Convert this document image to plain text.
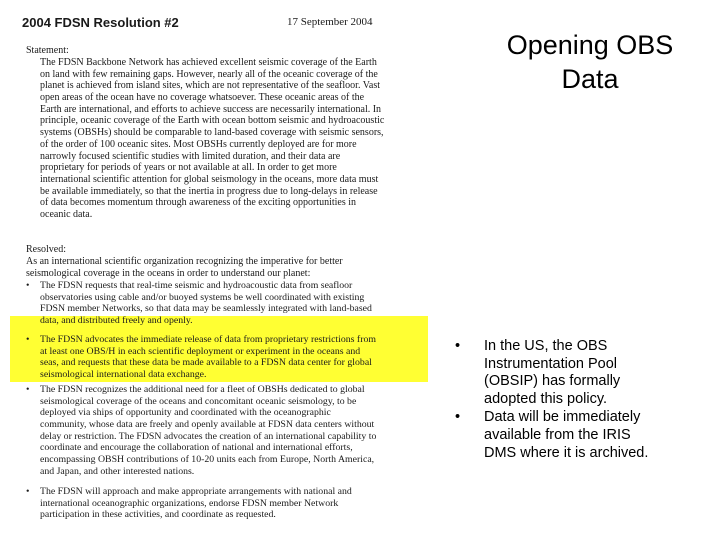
2004 FDSN Resolution #2	17 September 2004
Statement:
The FDSN Backbone Network has achieved excellent seismic coverage of the Earth
on land with few remaining gaps. However, nearly all of the oceanic coverage of the
planet is achieved from island sites, which are not representative of the seafloor. Vast
open areas of the ocean have no coverage whatsoever. These oceanic areas of the
Earth are international, and efforts to achieve success are necessarily international. In
principle, oceanic coverage of the Earth with ocean bottom seismic and hydroacoustic
systems (OBSHs) should be comparable to land-based coverage with seismic sensors,
of the order of 100 oceanic sites. Most OBSHs currently deployed are for more
narrowly focused scientific studies with limited duration, and their data are
proprietary for periods of years or not available at all. In order to get more
international scientific attention for global seismology in the oceans, more data must
be available immediately, so that the inertia in progress due to long-delays in release
of data becomes momentum through awareness of the exciting opportunities in
oceanic data.
Resolved:
As an international scientific organization recognizing the imperative for better
seismological coverage in the oceans in order to understand our planet:
•	The FDSN requests that real-time seismic and hydroacoustic data from seafloor
observatories using cable and/or buoyed systems be well coordinated with existing
FDSN member Networks, so that data may be seamlessly integrated with land-based
data, and distributed freely and openly.
•	The FDSN advocates the immediate release of data from proprietary restrictions from
at least one OBS/H in each scientific deployment or experiment in the oceans and
seas, and requests that these data be made available to a FDSN data center for global
seismological international data exchange.
•	The FDSN recognizes the additional need for a fleet of OBSHs dedicated to global
seismological coverage of the oceans and concomitant oceanic seismology, to be
deployed via ships of opportunity and coordinated with the oceanographic
community, whose data are freely and openly available at FDSN data centers without
delay or restriction. The FDSN advocates the creation of an international capability to
coordinate and encourage the collaboration of national and international efforts,
encompassing OBSH contributions of 10-20 units each from Europe, North America,
and Japan, and other interested nations.
•	The FDSN will approach and make appropriate arrangements with national and
international oceanographic organizations, endorse FDSN member Network
participation in these activities, and coordinate as requested.
Opening OBS
Data
• In the US, the OBS
Instrumentation Pool
(OBSIP) has formally
adopted this policy.
• Data will be immediately
available from the IRIS
DMS where it is archived.
